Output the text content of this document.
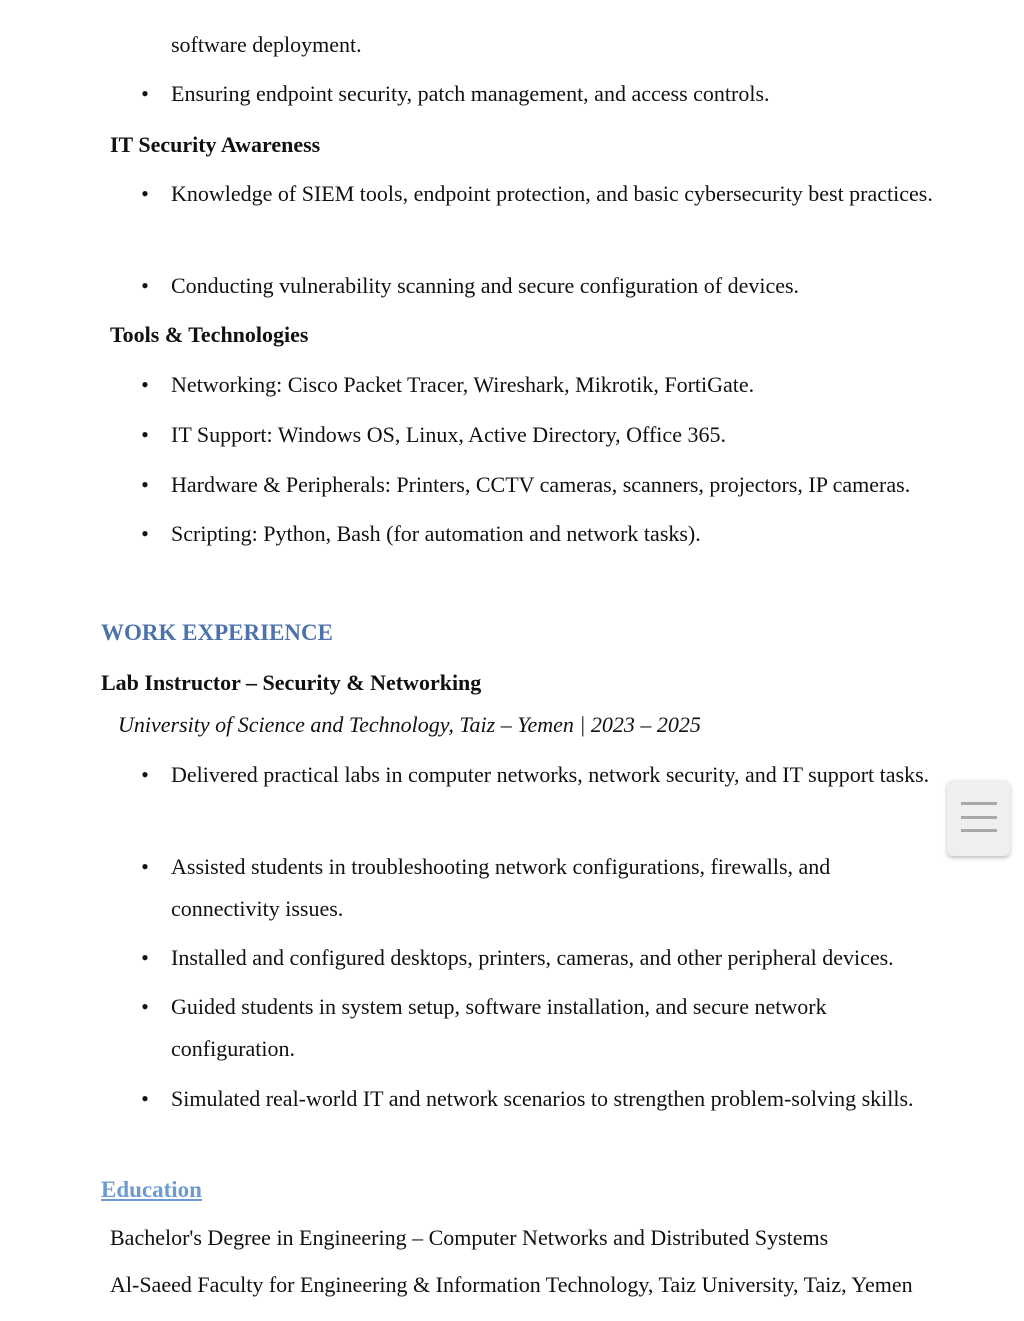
software deployment.
• Ensuring endpoint security, patch management, and access controls.
IT Security Awareness
• Knowledge of SIEM tools, endpoint protection, and basic cybersecurity best practices.
• Conducting vulnerability scanning and secure configuration of devices.
Tools & Technologies
• Networking: Cisco Packet Tracer, Wireshark, Mikrotik, FortiGate.
• IT Support: Windows OS, Linux, Active Directory, Office 365.
• Hardware & Peripherals: Printers, CCTV cameras, scanners, projectors, IP cameras.
• Scripting: Python, Bash (for automation and network tasks).
WORK EXPERIENCE
Lab Instructor – Security & Networking
University of Science and Technology, Taiz – Yemen | 2023 – 2025
• Delivered practical labs in computer networks, network security, and IT support tasks.
• Assisted students in troubleshooting network configurations, firewalls, and connectivity issues.
• Installed and configured desktops, printers, cameras, and other peripheral devices.
• Guided students in system setup, software installation, and secure network configuration.
• Simulated real-world IT and network scenarios to strengthen problem-solving skills.
Education
Bachelor's Degree in Engineering – Computer Networks and Distributed Systems
Al-Saeed Faculty for Engineering & Information Technology, Taiz University, Taiz, Yemen
